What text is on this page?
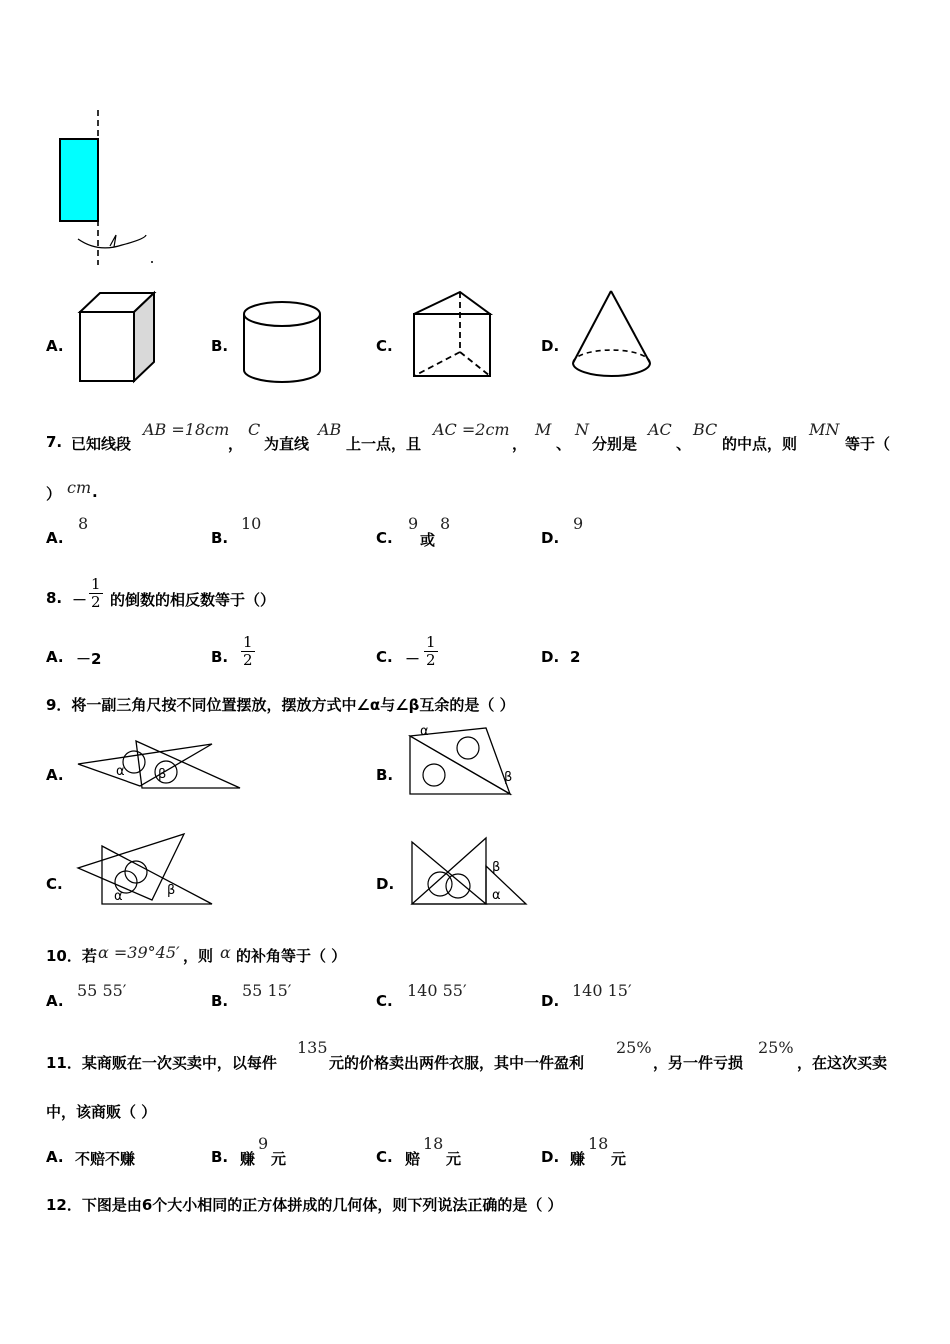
A.	B.	C.	D.
7. 已知线段
AB =18cm
，
C
为直线
AB
上一点，且
AC =2cm
，
M
、
N
分别是
AC
、
BC
的中点，则
MN
等于（
） cm .
A.
8
B.
10
C.
9
或
8
D.
9
8. － $\frac{1}{2}$ 的倒数的相反数等于（）
A. －2	B. $\frac{1}{2}$	C. － $\frac{1}{2}$	D. 2
9．将一副三角尺按不同位置摆放，摆放方式中∠α与∠β互余的是（ ）
A.	α	β	B.
α
β
C.
α	β	D.
β
α
10．若 α =39°45′ ，则 α 的补角等于（ ）
A.
55 55′
B.
55 15′
C.
140 55′
D.
140 15′
11．某商贩在一次买卖中，以每件
135
元的价格卖出两件衣服，其中一件盈利
25%
，另一件亏损
25%
，在这次买卖
中，该商贩（ ）
A. 不赔不赚	B. 赚
9
元	C. 赔
18
元	D. 赚
18
元
12．下图是由6个大小相同的正方体拼成的几何体，则下列说法正确的是（ ）
